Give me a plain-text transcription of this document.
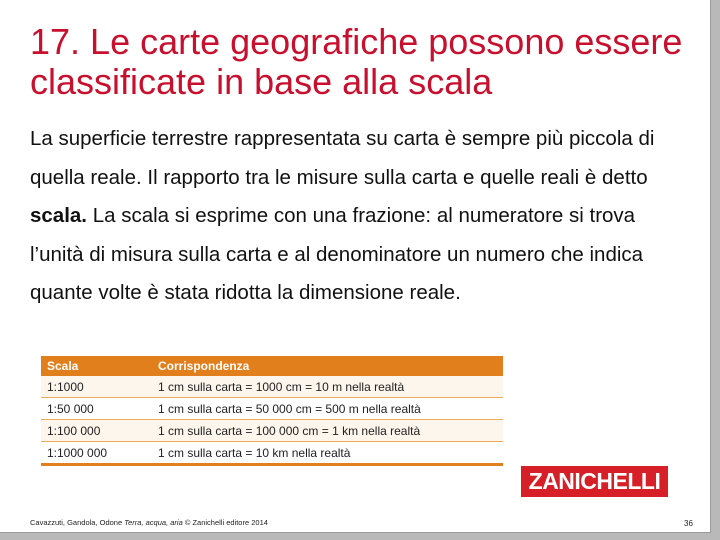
17. Le carte geografiche possono essere classificate in base alla scala

La superficie terrestre rappresentata su carta è sempre più piccola di quella reale. Il rapporto tra le misure sulla carta e quelle reali è detto scala. La scala si esprime con una frazione: al numeratore si trova l’unità di misura sulla carta e al denominatore un numero che indica quante volte è stata ridotta la dimensione reale.

Scala	Corrispondenza
1:1000	1 cm sulla carta = 1000 cm = 10 m nella realtà
1:50 000	1 cm sulla carta = 50 000 cm = 500 m nella realtà
1:100 000	1 cm sulla carta = 100 000 cm = 1 km nella realtà
1:1000 000	1 cm sulla carta = 10 km nella realtà
ZANICHELLI
Cavazzuti, Gandola, Odone Terra, acqua, aria © Zanichelli editore 2014	36
